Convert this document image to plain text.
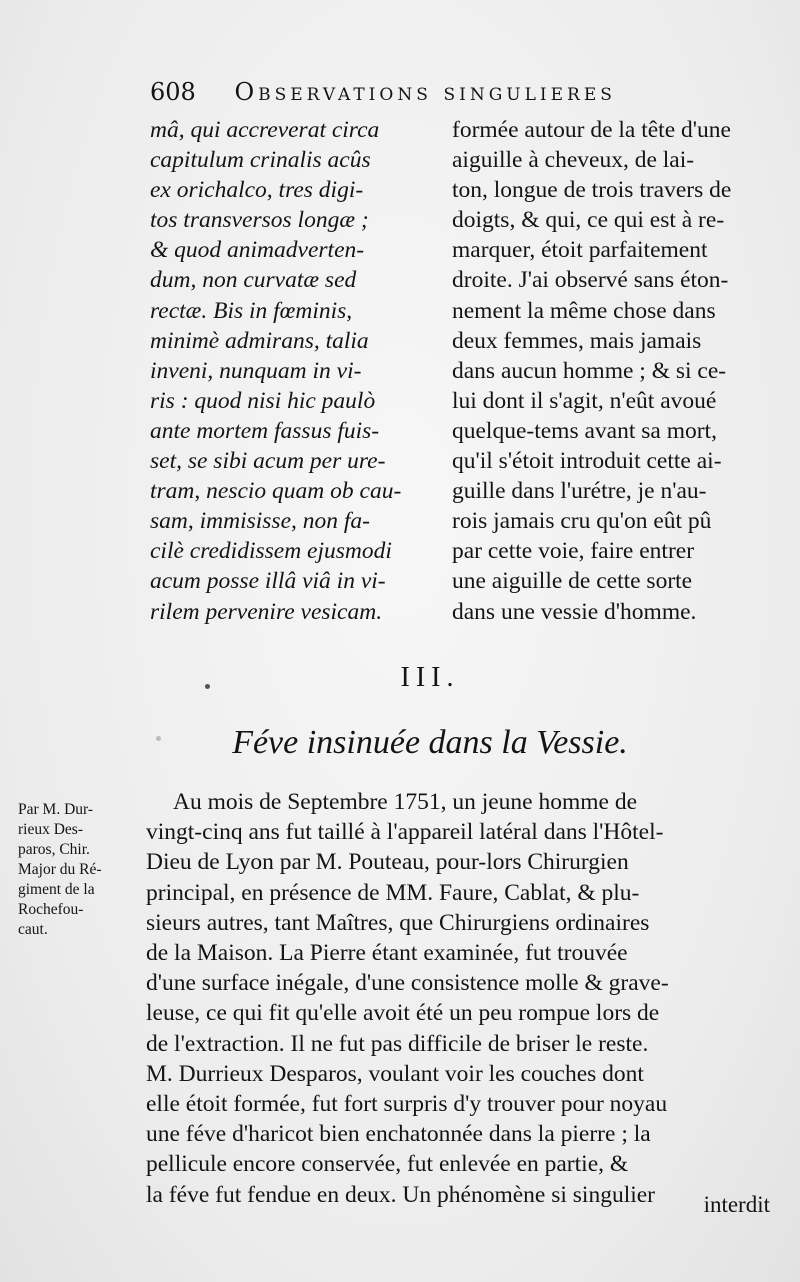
608 Observations singulieres
mâ, qui accreverat circa
capitulum crinalis acûs
ex orichalco, tres digi-
tos transversos longæ ;
& quod animadverten-
dum, non curvatæ sed
rectæ. Bis in fœminis,
minimè admirans, talia
inveni, nunquam in vi-
ris : quod nisi hic paulò
ante mortem fassus fuis-
set, se sibi acum per ure-
tram, nescio quam ob cau-
sam, immisisse, non fa-
cilè credidissem ejusmodi
acum posse illâ viâ in vi-
rilem pervenire vesicam.
formée autour de la tête d'une
aiguille à cheveux, de lai-
ton, longue de trois travers de
doigts, & qui, ce qui est à re-
marquer, étoit parfaitement
droite. J'ai observé sans éton-
nement la même chose dans
deux femmes, mais jamais
dans aucun homme ; & si ce-
lui dont il s'agit, n'eût avoué
quelque-tems avant sa mort,
qu'il s'étoit introduit cette ai-
guille dans l'urétre, je n'au-
rois jamais cru qu'on eût pû
par cette voie, faire entrer
une aiguille de cette sorte
dans une vessie d'homme.
III.
Féve insinuée dans la Vessie.
Par M. Dur-
rieux Des-
paros, Chir.
Major du Ré-
giment de la
Rochefou-
caut.
Au mois de Septembre 1751, un jeune homme de
vingt-cinq ans fut taillé à l'appareil latéral dans l'Hôtel-
Dieu de Lyon par M. Pouteau, pour-lors Chirurgien
principal, en présence de MM. Faure, Cablat, & plu-
sieurs autres, tant Maîtres, que Chirurgiens ordinaires
de la Maison. La Pierre étant examinée, fut trouvée
d'une surface inégale, d'une consistence molle & grave-
leuse, ce qui fit qu'elle avoit été un peu rompue lors de
de l'extraction. Il ne fut pas difficile de briser le reste.
M. Durrieux Desparos, voulant voir les couches dont
elle étoit formée, fut fort surpris d'y trouver pour noyau
une féve d'haricot bien enchatonnée dans la pierre ; la
pellicule encore conservée, fut enlevée en partie, &
la féve fut fendue en deux. Un phénomène si singulier	interdit
